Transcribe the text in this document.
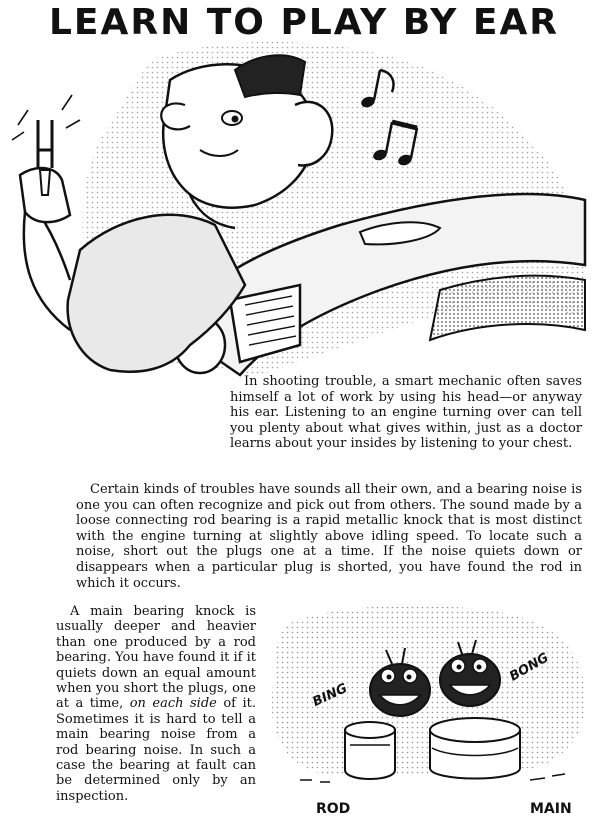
LEARN TO PLAY BY EAR

In shooting trouble, a smart mechanic often saves himself a lot of work by using his head—or anyway his ear. Listening to an engine turning over can tell you plenty about what gives within, just as a doctor learns about your insides by listening to your chest.

Certain kinds of troubles have sounds all their own, and a bearing noise is one you can often recognize and pick out from others. The sound made by a loose connecting rod bearing is a rapid metallic knock that is most distinct with the engine turning at slightly above idling speed. To locate such a noise, short out the plugs one at a time. If the noise quiets down or disappears when a particular plug is shorted, you have found the rod in which it occurs.

A main bearing knock is usually deeper and heavier than one produced by a rod bearing. You have found it if it quiets down an equal amount when you short the plugs, one at a time, on each side of it. Sometimes it is hard to tell a main bearing noise from a rod bearing noise. In such a case the bearing at fault can be determined only by an inspection.

BING
BONG
ROD	MAIN
